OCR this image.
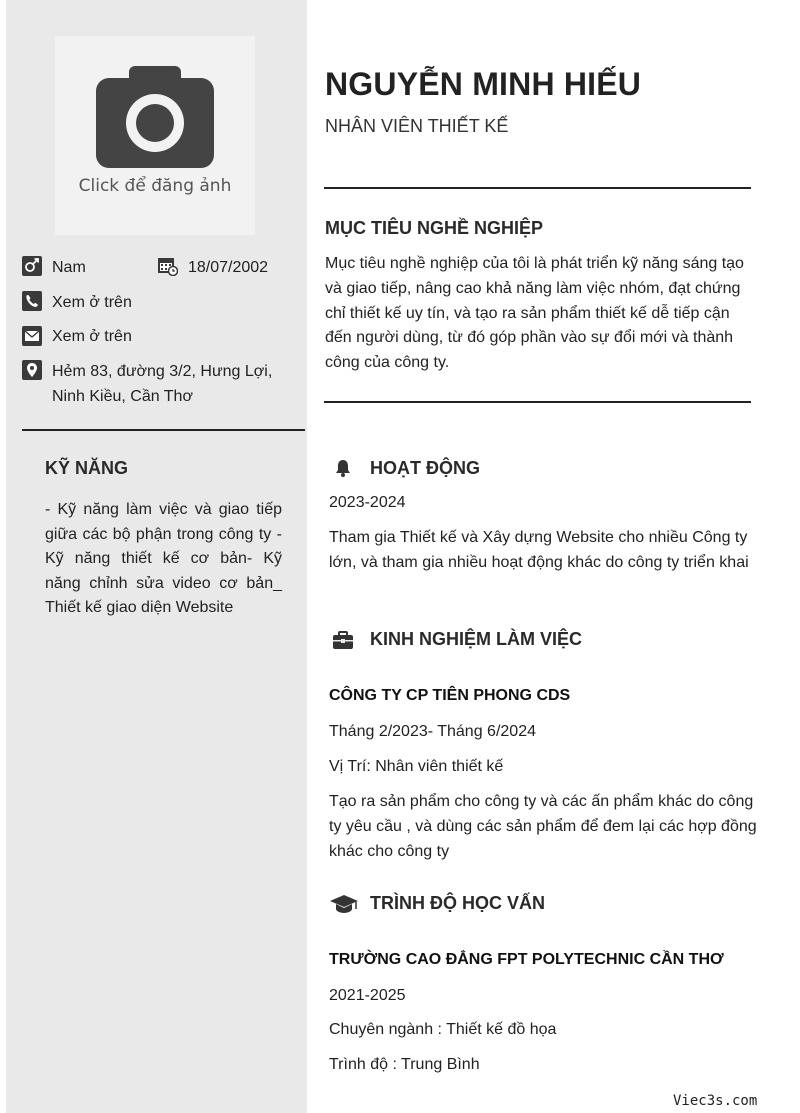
Click để đăng ảnh
Nam	18/07/2002
Xem ở trên
Xem ở trên
Hẻm 83, đường 3/2, Hưng Lợi, Ninh Kiều, Cần Thơ
KỸ NĂNG
- Kỹ năng làm việc và giao tiếp giữa các bộ phận trong công ty - Kỹ năng thiết kế cơ bản- Kỹ năng chỉnh sửa video cơ bản_ Thiết kế giao diện Website
NGUYỄN MINH HIẾU
NHÂN VIÊN THIẾT KẾ
MỤC TIÊU NGHỀ NGHIỆP
Mục tiêu nghề nghiệp của tôi là phát triển kỹ năng sáng tạo và giao tiếp, nâng cao khả năng làm việc nhóm, đạt chứng chỉ thiết kế uy tín, và tạo ra sản phẩm thiết kế dễ tiếp cận đến người dùng, từ đó góp phần vào sự đổi mới và thành công của công ty.
HOẠT ĐỘNG
2023-2024
Tham gia Thiết kế và Xây dựng Website cho nhiều Công ty lớn, và tham gia nhiều hoạt động khác do công ty triển khai
KINH NGHIỆM LÀM VIỆC
CÔNG TY CP TIÊN PHONG CDS
Tháng 2/2023- Tháng 6/2024
Vị Trí: Nhân viên thiết kế
Tạo ra sản phẩm cho công ty và các ấn phẩm khác do công ty yêu cầu , và dùng các sản phẩm để đem lại các hợp đồng khác cho công ty
TRÌNH ĐỘ HỌC VẤN
TRƯỜNG CAO ĐẲNG FPT POLYTECHNIC CẦN THƠ
2021-2025
Chuyên ngành : Thiết kế đồ họa
Trình độ : Trung Bình
Viec3s.com
